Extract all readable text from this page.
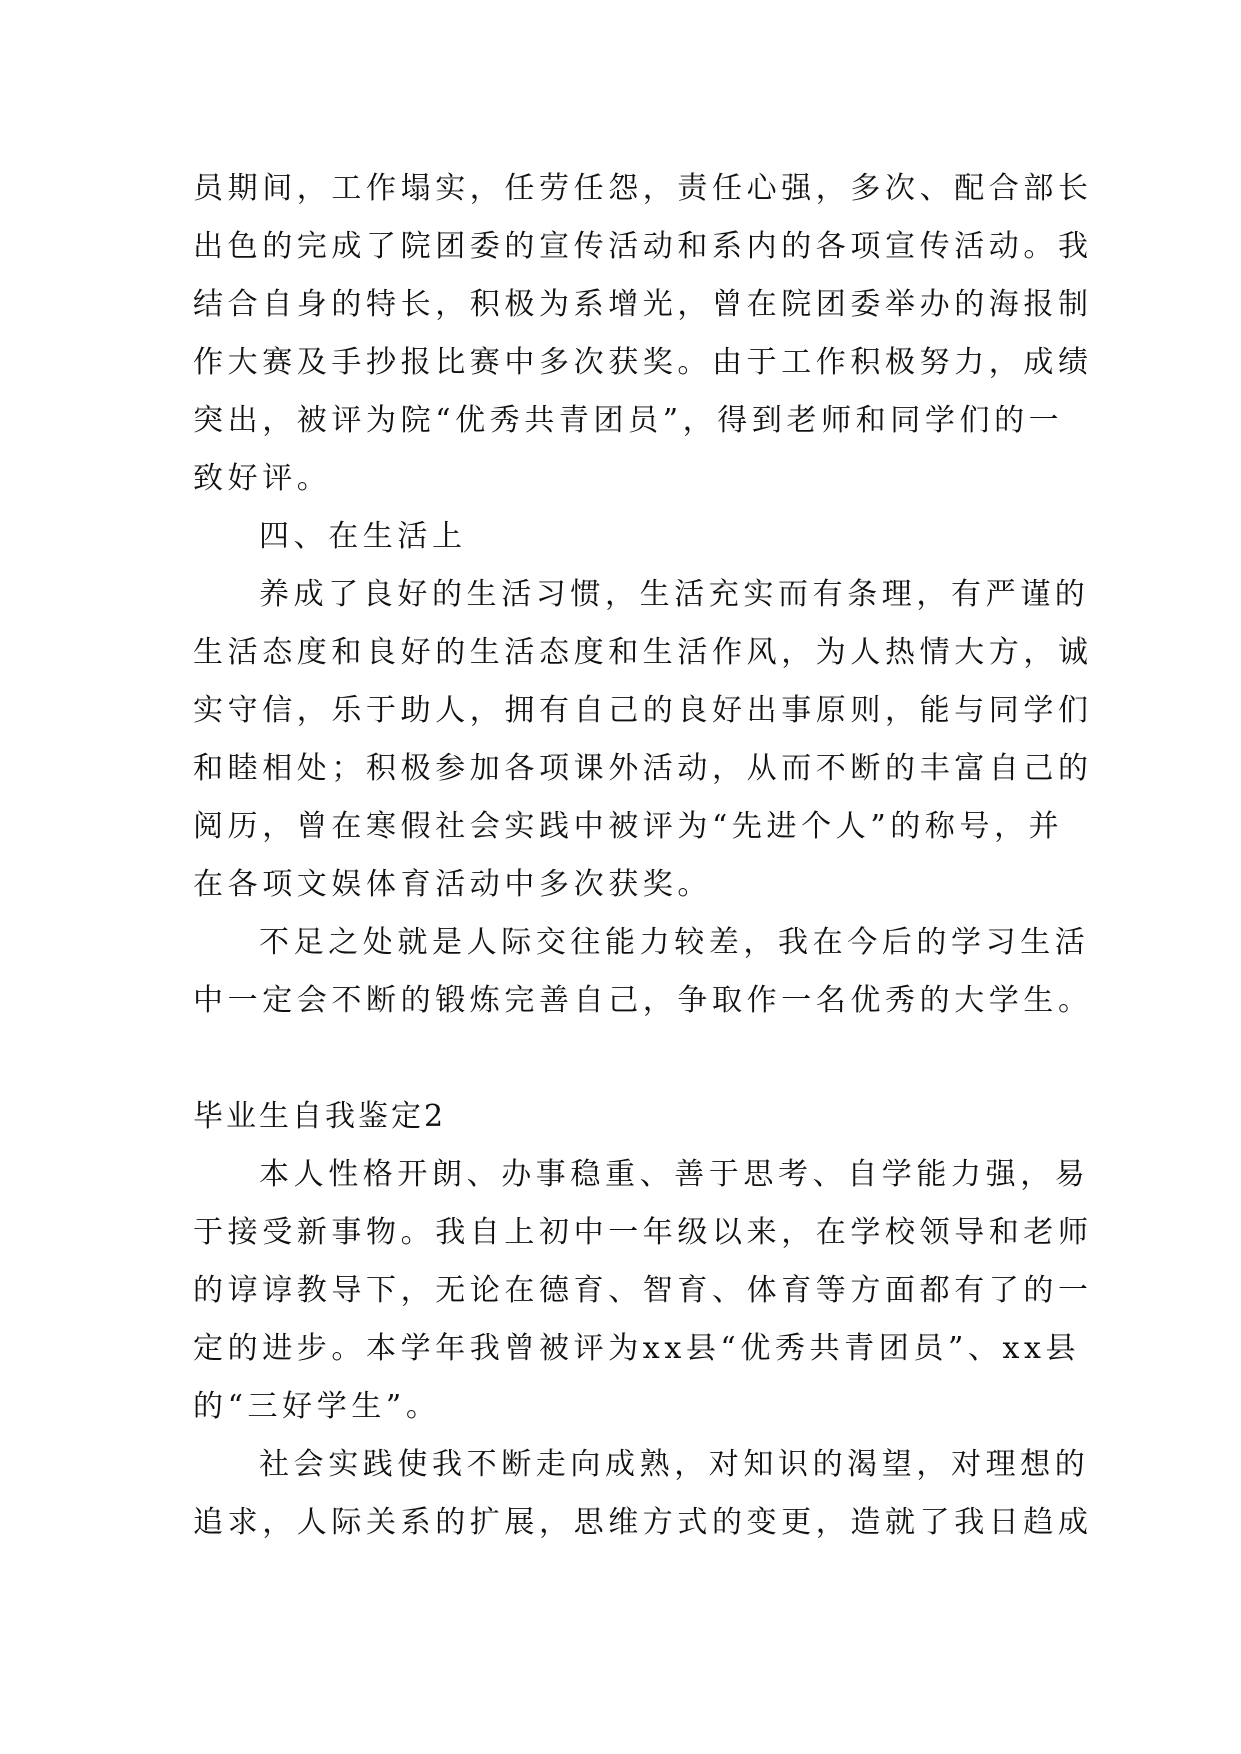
员期间，工作塌实，任劳任怨，责任心强，多次、配合部长
出色的完成了院团委的宣传活动和系内的各项宣传活动。我
结合自身的特长，积极为系增光，曾在院团委举办的海报制
作大赛及手抄报比赛中多次获奖。由于工作积极努力，成绩
突出，被评为院“优秀共青团员”，得到老师和同学们的一
致好评。
四、在生活上
养成了良好的生活习惯，生活充实而有条理，有严谨的
生活态度和良好的生活态度和生活作风，为人热情大方，诚
实守信，乐于助人，拥有自己的良好出事原则，能与同学们
和睦相处；积极参加各项课外活动，从而不断的丰富自己的
阅历，曾在寒假社会实践中被评为“先进个人”的称号，并
在各项文娱体育活动中多次获奖。
不足之处就是人际交往能力较差，我在今后的学习生活
中一定会不断的锻炼完善自己，争取作一名优秀的大学生。
毕业生自我鉴定2
本人性格开朗、办事稳重、善于思考、自学能力强，易
于接受新事物。我自上初中一年级以来，在学校领导和老师
的谆谆教导下，无论在德育、智育、体育等方面都有了的一
定的进步。本学年我曾被评为xx县“优秀共青团员”、xx县
的“三好学生”。
社会实践使我不断走向成熟，对知识的渴望，对理想的
追求，人际关系的扩展，思维方式的变更，造就了我日趋成
